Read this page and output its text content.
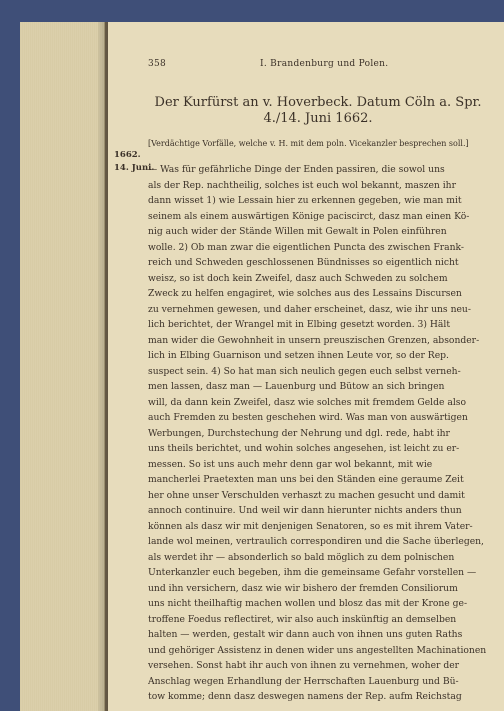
358	I. Brandenburg und Polen.
Der Kurfürst an v. Hoverbeck. Datum Cöln a. Spr.
4./14. Juni 1662.
1662.
14. Juni.
[Verdächtige Vorfälle, welche v. H. mit dem poln. Vicekanzler besprechen soll.]
— Was für gefährliche Dinge der Enden passiren, die sowol uns
als der Rep. nachtheilig, solches ist euch wol bekannt, maszen ihr
dann wisset 1) wie Lessain hier zu erkennen gegeben, wie man mit
seinem als einem auswärtigen Könige paciscirct, dasz man einen Kö-
nig auch wider der Stände Willen mit Gewalt in Polen einführen
wolle. 2) Ob man zwar die eigentlichen Puncta des zwischen Frank-
reich und Schweden geschlossenen Bündnisses so eigentlich nicht
weisz, so ist doch kein Zweifel, dasz auch Schweden zu solchem
Zweck zu helfen engagiret, wie solches aus des Lessains Discursen
zu vernehmen gewesen, und daher erscheinet, dasz, wie ihr uns neu-
lich berichtet, der Wrangel mit in Elbing gesetzt worden. 3) Hält
man wider die Gewohnheit in unsern preuszischen Grenzen, absonder-
lich in Elbing Guarnison und setzen ihnen Leute vor, so der Rep.
suspect sein. 4) So hat man sich neulich gegen euch selbst verneh-
men lassen, dasz man — Lauenburg und Bütow an sich bringen
will, da dann kein Zweifel, dasz wie solches mit fremdem Gelde also
auch Fremden zu besten geschehen wird. Was man von auswärtigen
Werbungen, Durchstechung der Nehrung und dgl. rede, habt ihr
uns theils berichtet, und wohin solches angesehen, ist leicht zu er-
messen. So ist uns auch mehr denn gar wol bekannt, mit wie
mancherlei Praetexten man uns bei den Ständen eine geraume Zeit
her ohne unser Verschulden verhaszt zu machen gesucht und damit
annoch continuire. Und weil wir dann hierunter nichts anders thun
können als dasz wir mit denjenigen Senatoren, so es mit ihrem Vater-
lande wol meinen, vertraulich correspondiren und die Sache überlegen,
als werdet ihr — absonderlich so bald möglich zu dem polnischen
Unterkanzler euch begeben, ihm die gemeinsame Gefahr vorstellen —
und ihn versichern, dasz wie wir bishero der fremden Consiliorum
uns nicht theilhaftig machen wollen und blosz das mit der Krone ge-
troffene Foedus reflectiret, wir also auch inskünftig an demselben
halten — werden, gestalt wir dann auch von ihnen uns guten Raths
und gehöriger Assistenz in denen wider uns angestellten Machinationen
versehen. Sonst habt ihr auch von ihnen zu vernehmen, woher der
Anschlag wegen Erhandlung der Herrschaften Lauenburg und Bü-
tow komme; denn dasz deswegen namens der Rep. aufm Reichstag
